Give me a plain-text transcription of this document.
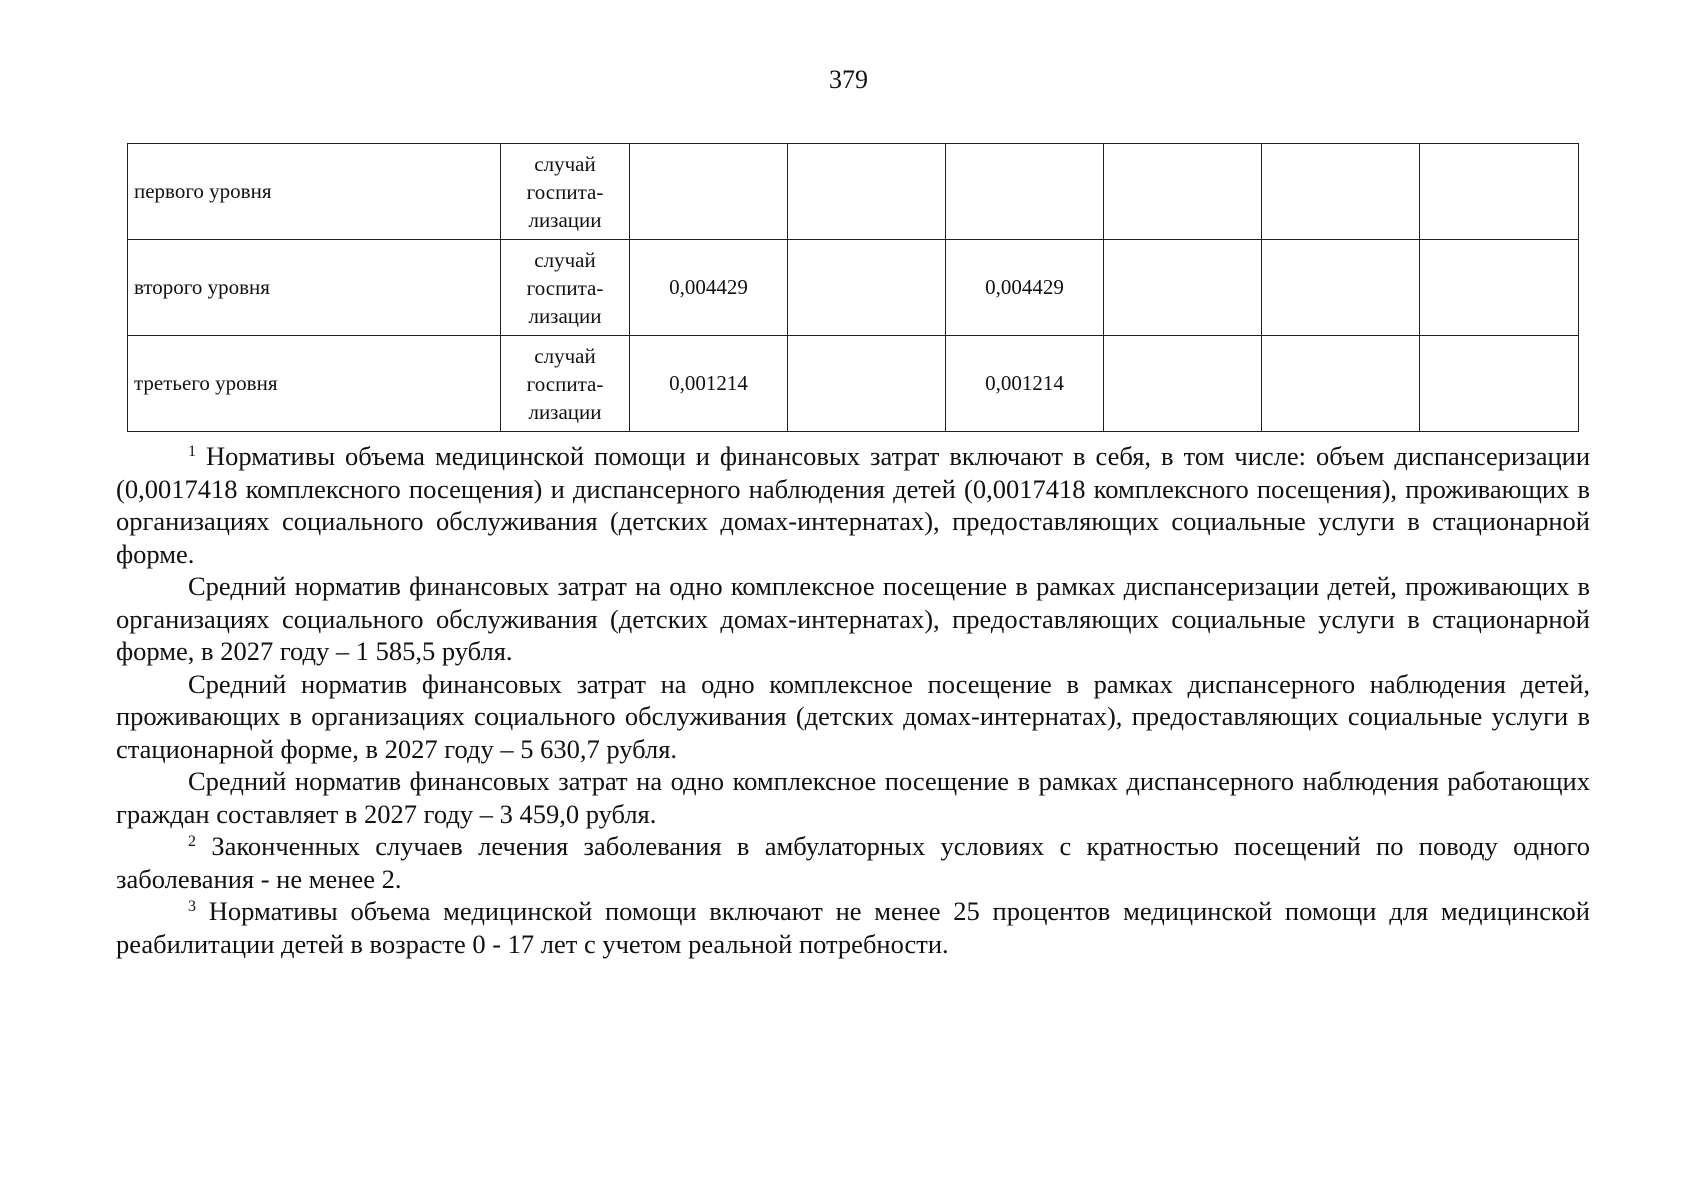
379
первого уровня	случай
госпита-
лизации						

второго уровня	случай
госпита-
лизации	0,004429		0,004429			
третьего уровня	случай
госпита-
лизации	0,001214		0,001214			

$^1$ Нормативы объема медицинской помощи и финансовых затрат включают в себя, в том числе: объем диспансеризации (0,0017418 комплексного посещения) и диспансерного наблюдения детей (0,0017418 комплексного посещения), проживающих в организациях социального обслуживания (детских домах-интернатах), предоставляющих социальные услуги в стационарной форме.

Средний норматив финансовых затрат на одно комплексное посещение в рамках диспансеризации детей, проживающих в организациях социального обслуживания (детских домах-интернатах), предоставляющих социальные услуги в стационарной форме, в 2027 году – 1 585,5 рубля.

Средний норматив финансовых затрат на одно комплексное посещение в рамках диспансерного наблюдения детей, проживающих в организациях социального обслуживания (детских домах-интернатах), предоставляющих социальные услуги в стационарной форме, в 2027 году – 5 630,7 рубля.

Средний норматив финансовых затрат на одно комплексное посещение в рамках диспансерного наблюдения работающих граждан составляет в 2027 году – 3 459,0 рубля.

$^2$ Законченных случаев лечения заболевания в амбулаторных условиях с кратностью посещений по поводу одного заболевания - не менее 2.

$^3$ Нормативы объема медицинской помощи включают не менее 25 процентов медицинской помощи для медицинской реабилитации детей в возрасте 0 - 17 лет с учетом реальной потребности.
